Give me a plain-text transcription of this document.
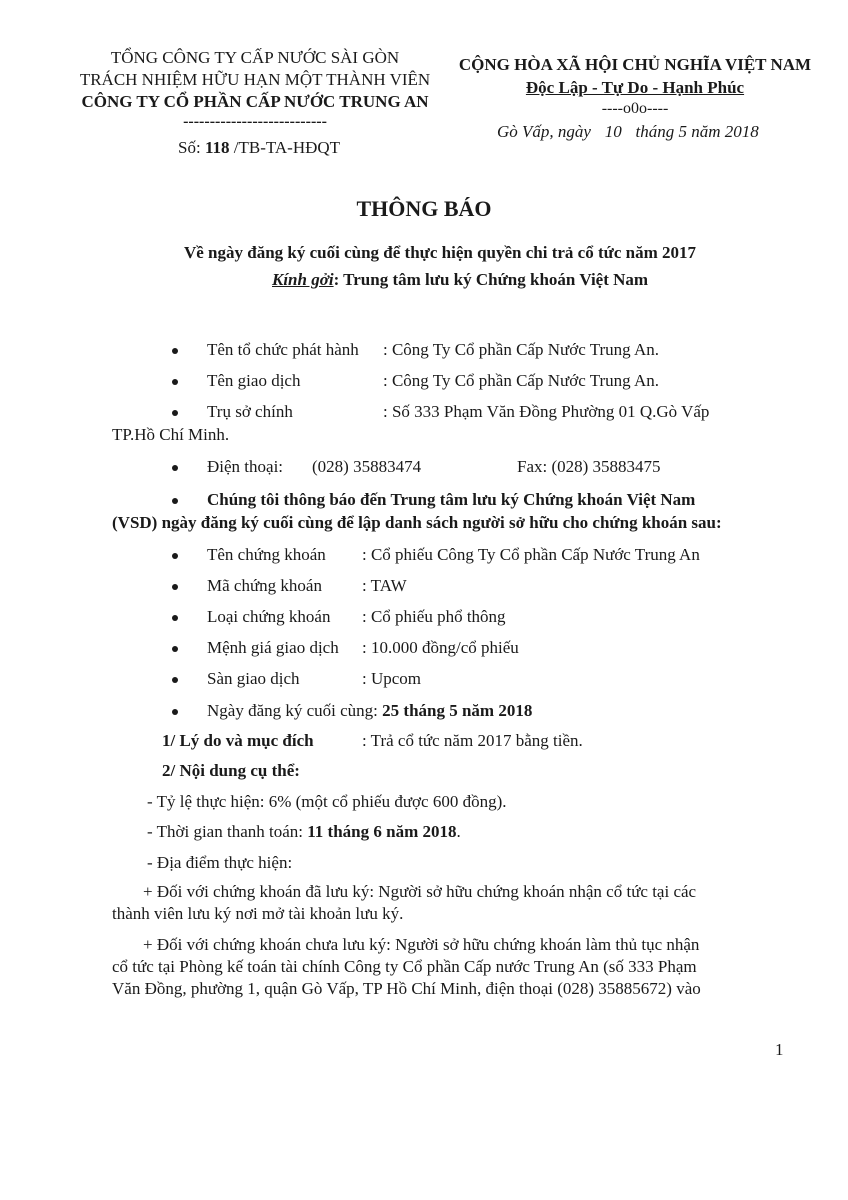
TỔNG CÔNG TY CẤP NƯỚC SÀI GÒN
TRÁCH NHIỆM HỮU HẠN MỘT THÀNH VIÊN
CÔNG TY CỔ PHẦN CẤP NƯỚC TRUNG AN
---------------------------
Số: 118 /TB-TA-HĐQT
CỘNG HÒA XÃ HỘI CHỦ NGHĨA VIỆT NAM
Độc Lập - Tự Do - Hạnh Phúc
----o0o----
Gò Vấp, ngày 10 tháng 5 năm 2018
THÔNG BÁO
Về ngày đăng ký cuối cùng để thực hiện quyền chi trả cổ tức năm 2017
Kính gởi: Trung tâm lưu ký Chứng khoán Việt Nam
Tên tổ chức phát hành : Công Ty Cổ phần Cấp Nước Trung An.
Tên giao dịch	: Công Ty Cổ phần Cấp Nước Trung An.
Trụ sở chính	: Số 333 Phạm Văn Đồng Phường 01 Q.Gò Vấp
TP.Hồ Chí Minh.
Điện thoại: (028) 35883474	Fax: (028) 35883475
Chúng tôi thông báo đến Trung tâm lưu ký Chứng khoán Việt Nam
(VSD) ngày đăng ký cuối cùng để lập danh sách người sở hữu cho chứng khoán sau:
Tên chứng khoán : Cổ phiếu Công Ty Cổ phần Cấp Nước Trung An
Mã chứng khoán : TAW
Loại chứng khoán : Cổ phiếu phổ thông
Mệnh giá giao dịch : 10.000 đồng/cổ phiếu
Sàn giao dịch	: Upcom
Ngày đăng ký cuối cùng: 25 tháng 5 năm 2018
1/ Lý do và mục đích	: Trả cổ tức năm 2017 bằng tiền.
2/ Nội dung cụ thể:
- Tỷ lệ thực hiện: 6% (một cổ phiếu được 600 đồng).
- Thời gian thanh toán: 11 tháng 6 năm 2018.
- Địa điểm thực hiện:
+ Đối với chứng khoán đã lưu ký: Người sở hữu chứng khoán nhận cổ tức tại các
thành viên lưu ký nơi mở tài khoản lưu ký.
+ Đối với chứng khoán chưa lưu ký: Người sở hữu chứng khoán làm thủ tục nhận
cổ tức tại Phòng kế toán tài chính Công ty Cổ phần Cấp nước Trung An (số 333 Phạm
Văn Đồng, phường 1, quận Gò Vấp, TP Hồ Chí Minh, điện thoại (028) 35885672) vào
1
